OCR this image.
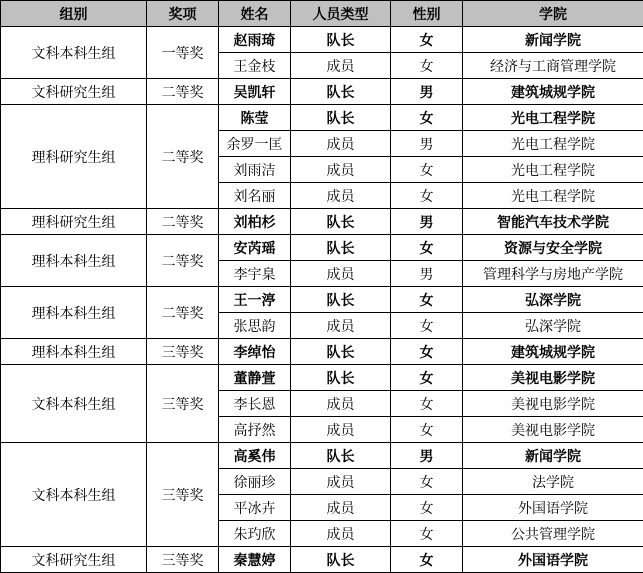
组别	奖项	姓名	人员类型	性别	学院
文科本科生组	一等奖	赵雨琦	队长	女	新闻学院
		王金枝	成员	女	经济与工商管理学院
文科研究生组	二等奖	吴凯轩	队长	男	建筑城规学院
理科研究生组	二等奖	陈莹	队长	女	光电工程学院
		余罗一匡	成员	男	光电工程学院
		刘雨洁	成员	女	光电工程学院
		刘名丽	成员	女	光电工程学院
理科研究生组	二等奖	刘柏杉	队长	男	智能汽车技术学院
理科本科生组	二等奖	安芮瑶	队长	女	资源与安全学院
		李宇臬	成员	男	管理科学与房地产学院
理科本科生组	二等奖	王一渟	队长	女	弘深学院
		张思韵	成员	女	弘深学院
理科本科生组	三等奖	李绰怡	队长	女	建筑城规学院
文科本科生组	三等奖	董静萱	队长	女	美视电影学院
		李长恩	成员	女	美视电影学院
		高抒然	成员	女	美视电影学院
文科本科生组	三等奖	高奚伟	队长	男	新闻学院
		徐丽珍	成员	女	法学院
		平冰卉	成员	女	外国语学院
		朱玓欣	成员	女	公共管理学院
文科研究生组	三等奖	秦慧婷	队长	女	外国语学院
